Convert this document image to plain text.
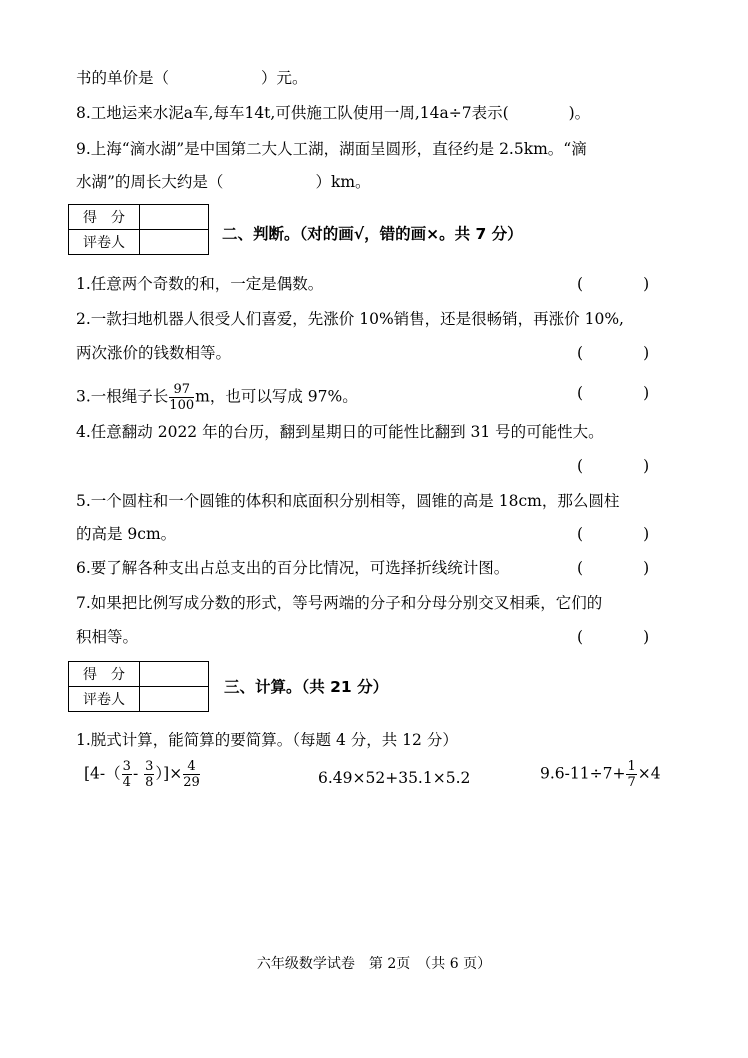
书的单价是（	）元。
8.工地运来水泥a车,每车14t,可供施工队使用一周,14a÷7表示(	)。
9.上海“滴水湖”是中国第二大人工湖，湖面呈圆形，直径约是 2.5km。“滴
水湖”的周长大约是（	）km。
得　分	
评卷人		二、判断。（对的画√，错的画×。共 7 分）
1.任意两个奇数的和，一定是偶数。	(	)
2.一款扫地机器人很受人们喜爱，先涨价 10%销售，还是很畅销，再涨价 10%,
两次涨价的钱数相等。	(	)
3.一根绳子长 $\frac{97}{100}$ m，也可以写成 97%。	(	)
4.任意翻动 2022 年的台历，翻到星期日的可能性比翻到 31 号的可能性大。
(	)
5.一个圆柱和一个圆锥的体积和底面积分别相等，圆锥的高是 18cm，那么圆柱
的高是 9cm。	(	)
6.要了解各种支出占总支出的百分比情况，可选择折线统计图。	(	)
7.如果把比例写成分数的形式，等号两端的分子和分母分别交叉相乘，它们的
积相等。	(	)
得　分	
评卷人	
三、计算。（共 21 分）
1.脱式计算，能简算的要简算。（每题 4 分，共 12 分）
[$4-( \frac{3}{4} - \frac{3}{8}$ ）]× $\frac{4}{29}$	6.49×52+35.1×5.2	$9.6-11\div 7+ \frac{1}{7} \times 4$
六年级数学试卷　第 2页　（共 6 页）
